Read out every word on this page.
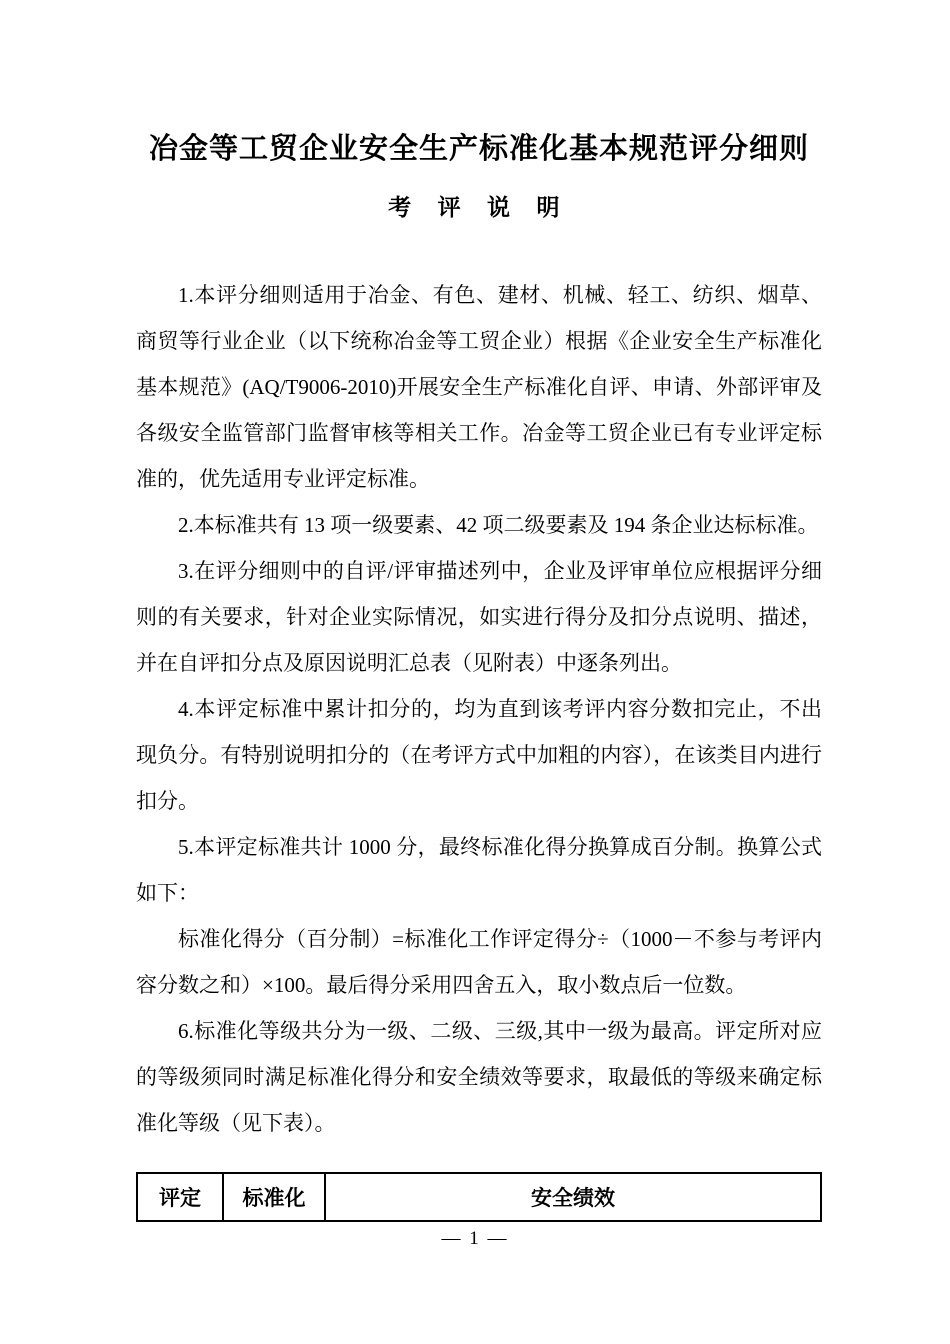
冶金等工贸企业安全生产标准化基本规范评分细则
考 评 说 明

1.本评分细则适用于冶金、有色、建材、机械、轻工、纺织、烟草、商贸等行业企业（以下统称冶金等工贸企业）根据《企业安全生产标准化基本规范》(AQ/T9006-2010)开展安全生产标准化自评、申请、外部评审及各级安全监管部门监督审核等相关工作。冶金等工贸企业已有专业评定标准的，优先适用专业评定标准。

2.本标准共有 13 项一级要素、42 项二级要素及 194 条企业达标标准。

3.在评分细则中的自评/评审描述列中，企业及评审单位应根据评分细则的有关要求，针对企业实际情况，如实进行得分及扣分点说明、描述，并在自评扣分点及原因说明汇总表（见附表）中逐条列出。

4.本评定标准中累计扣分的，均为直到该考评内容分数扣完止，不出现负分。有特别说明扣分的（在考评方式中加粗的内容），在该类目内进行扣分。

5.本评定标准共计 1000 分，最终标准化得分换算成百分制。换算公式如下：

标准化得分（百分制）=标准化工作评定得分÷（1000－不参与考评内容分数之和）×100。最后得分采用四舍五入，取小数点后一位数。

6.标准化等级共分为一级、二级、三级,其中一级为最高。评定所对应的等级须同时满足标准化得分和安全绩效等要求，取最低的等级来确定标准化等级（见下表）。

评定	标准化	安全绩效
— 1 —
